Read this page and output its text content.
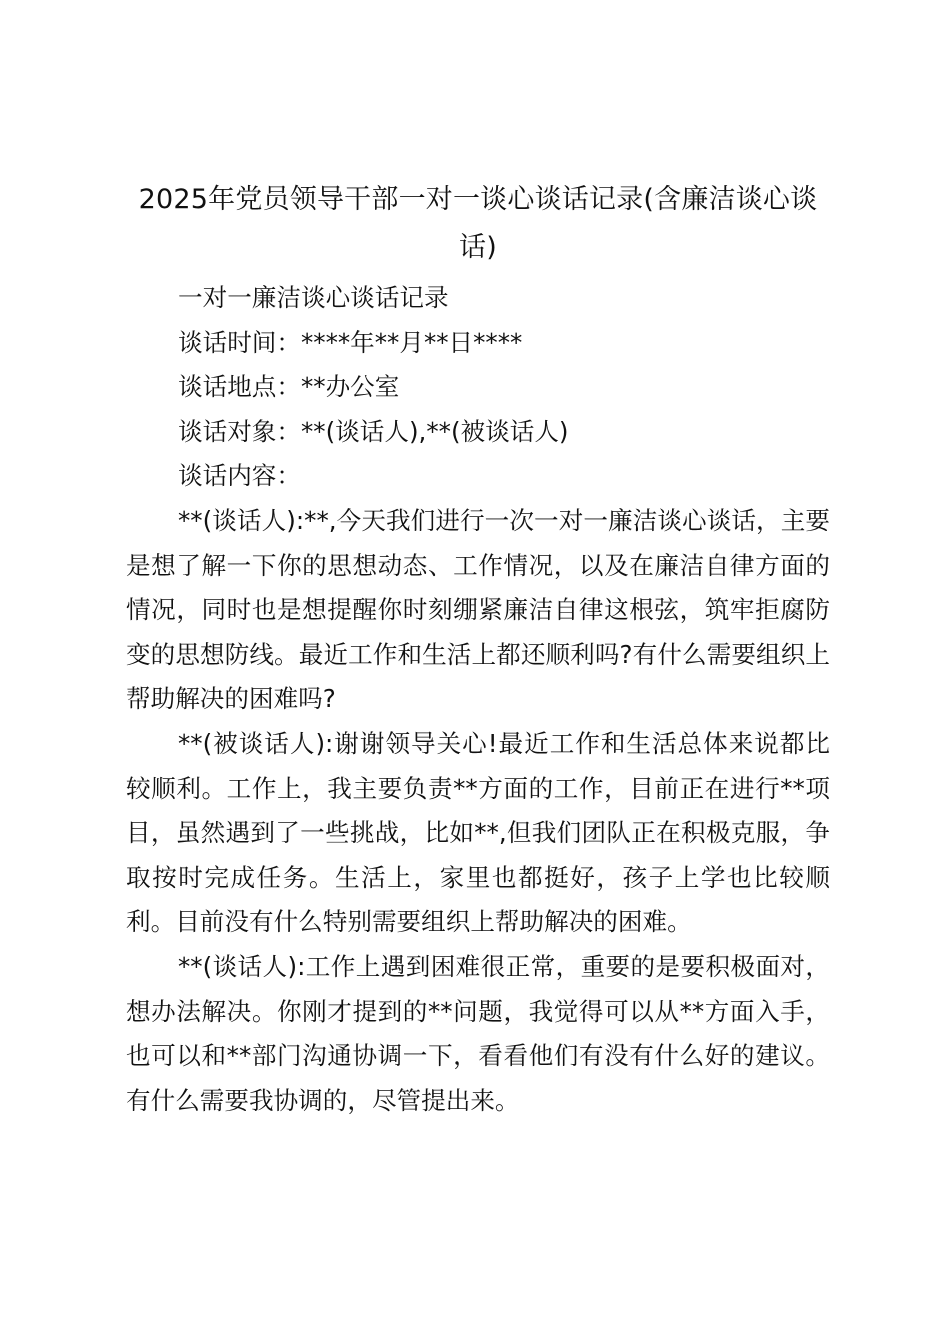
2025年党员领导干部一对一谈心谈话记录(含廉洁谈心谈话)

一对一廉洁谈心谈话记录

谈话时间：****年**月**日****

谈话地点：**办公室

谈话对象：**(谈话人),**(被谈话人)

谈话内容：

**(谈话人):**,今天我们进行一次一对一廉洁谈心谈话，主要是想了解一下你的思想动态、工作情况，以及在廉洁自律方面的情况，同时也是想提醒你时刻绷紧廉洁自律这根弦，筑牢拒腐防变的思想防线。最近工作和生活上都还顺利吗?有什么需要组织上帮助解决的困难吗?

**(被谈话人):谢谢领导关心!最近工作和生活总体来说都比较顺利。工作上，我主要负责**方面的工作，目前正在进行**项目，虽然遇到了一些挑战，比如**,但我们团队正在积极克服，争取按时完成任务。生活上，家里也都挺好，孩子上学也比较顺利。目前没有什么特别需要组织上帮助解决的困难。

**(谈话人):工作上遇到困难很正常，重要的是要积极面对，想办法解决。你刚才提到的**问题，我觉得可以从**方面入手，也可以和**部门沟通协调一下，看看他们有没有什么好的建议。有什么需要我协调的，尽管提出来。
